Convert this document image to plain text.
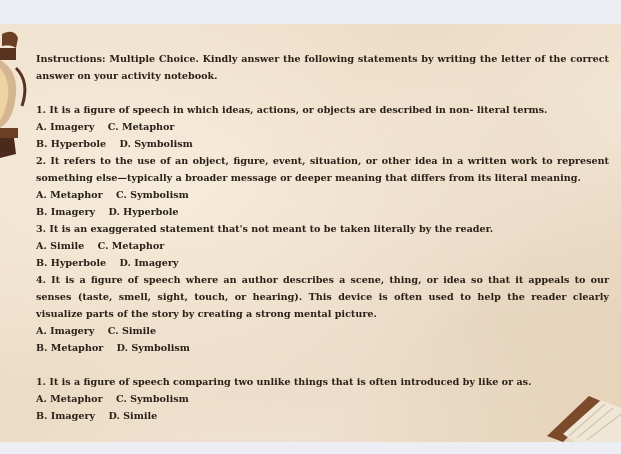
Instructions: Multiple Choice. Kindly answer the following statements by writing the letter of the correct answer on your activity notebook.

1. It is a figure of speech in which ideas, actions, or objects are described in non- literal terms.

A. Imagery C. Metaphor
B. Hyperbole D. Symbolism

2. It refers to the use of an object, figure, event, situation, or other idea in a written work to represent something else—typically a broader message or deeper meaning that differs from its literal meaning.

A. Metaphor C. Symbolism
B. Imagery D. Hyperbole

3. It is an exaggerated statement that's not meant to be taken literally by the reader.

A. Simile C. Metaphor
B. Hyperbole D. Imagery

4. It is a figure of speech where an author describes a scene, thing, or idea so that it appeals to our senses (taste, smell, sight, touch, or hearing). This device is often used to help the reader clearly visualize parts of the story by creating a strong mental picture.

A. Imagery C. Simile
B. Metaphor D. Symbolism

1. It is a figure of speech comparing two unlike things that is often introduced by like or as.

A. Metaphor C. Symbolism
B. Imagery D. Simile
